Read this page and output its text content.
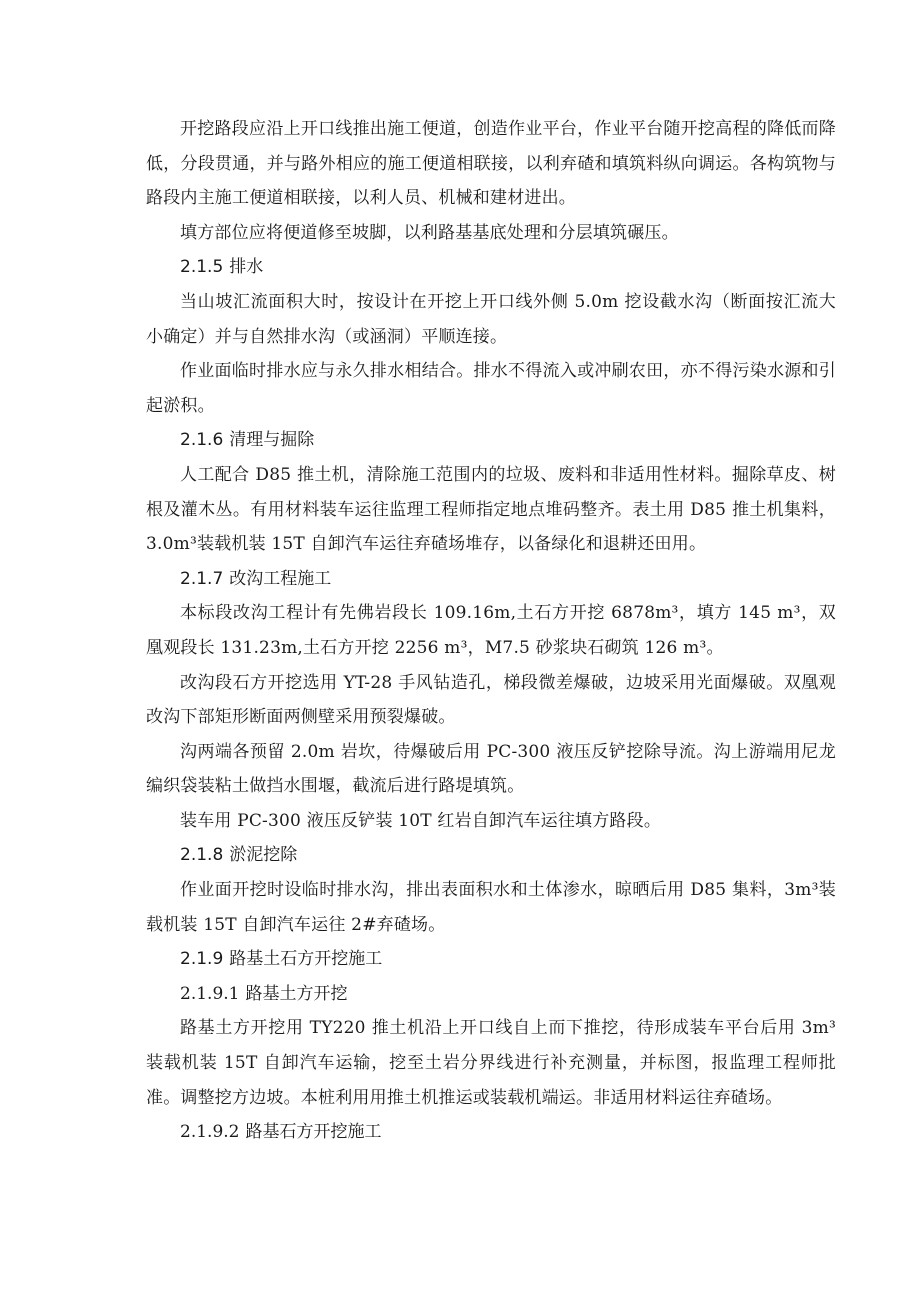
开挖路段应沿上开口线推出施工便道，创造作业平台，作业平台随开挖高程的降低而降低，分段贯通，并与路外相应的施工便道相联接，以利弃碴和填筑料纵向调运。各构筑物与路段内主施工便道相联接，以利人员、机械和建材进出。

填方部位应将便道修至坡脚，以利路基基底处理和分层填筑碾压。

2.1.5 排水

当山坡汇流面积大时，按设计在开挖上开口线外侧 5.0m 挖设截水沟（断面按汇流大小确定）并与自然排水沟（或涵洞）平顺连接。

作业面临时排水应与永久排水相结合。排水不得流入或冲刷农田，亦不得污染水源和引起淤积。

2.1.6 清理与掘除

人工配合 D85 推土机，清除施工范围内的垃圾、废料和非适用性材料。掘除草皮、树根及灌木丛。有用材料装车运往监理工程师指定地点堆码整齐。表土用 D85 推土机集料，3.0m³装载机装 15T 自卸汽车运往弃碴场堆存，以备绿化和退耕还田用。

2.1.7 改沟工程施工

本标段改沟工程计有先佛岩段长 109.16m,土石方开挖 6878m³，填方 145 m³，双凰观段长 131.23m,土石方开挖 2256 m³，M7.5 砂浆块石砌筑 126 m³。

改沟段石方开挖选用 YT-28 手风钻造孔，梯段微差爆破，边坡采用光面爆破。双凰观改沟下部矩形断面两侧壁采用预裂爆破。

沟两端各预留 2.0m 岩坎，待爆破后用 PC-300 液压反铲挖除导流。沟上游端用尼龙编织袋装粘土做挡水围堰，截流后进行路堤填筑。

装车用 PC-300 液压反铲装 10T 红岩自卸汽车运往填方路段。

2.1.8 淤泥挖除

作业面开挖时设临时排水沟，排出表面积水和土体渗水，晾晒后用 D85 集料，3m³装载机装 15T 自卸汽车运往 2#弃碴场。

2.1.9 路基土石方开挖施工

2.1.9.1 路基土方开挖

路基土方开挖用 TY220 推土机沿上开口线自上而下推挖，待形成装车平台后用 3m³装载机装 15T 自卸汽车运输，挖至土岩分界线进行补充测量，并标图，报监理工程师批准。调整挖方边坡。本桩利用用推土机推运或装载机端运。非适用材料运往弃碴场。

2.1.9.2 路基石方开挖施工
